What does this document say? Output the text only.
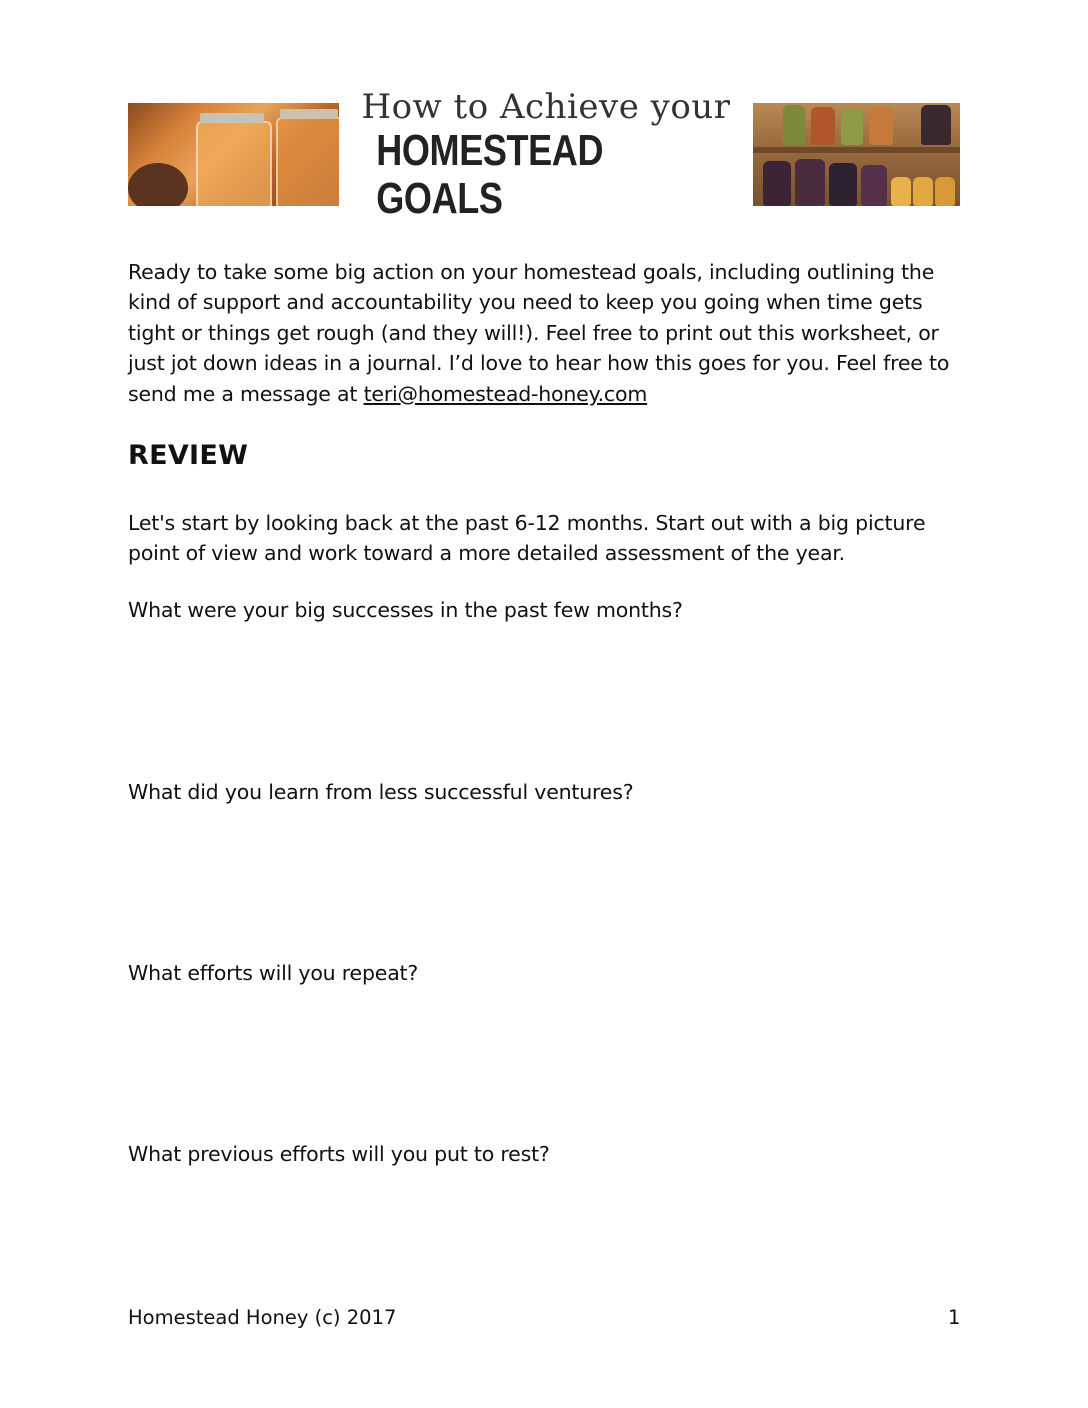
How to Achieve your
HOMESTEAD GOALS
Ready to take some big action on your homestead goals, including outlining the kind of support and accountability you need to keep you going when time gets tight or things get rough (and they will!). Feel free to print out this worksheet, or just jot down ideas in a journal. I’d love to hear how this goes for you. Feel free to send me a message at teri@homestead-honey.com
REVIEW
Let's start by looking back at the past 6-12 months. Start out with a big picture point of view and work toward a more detailed assessment of the year.
What were your big successes in the past few months?
What did you learn from less successful ventures?
What efforts will you repeat?
What previous efforts will you put to rest?
Homestead Honey (c) 2017	1
